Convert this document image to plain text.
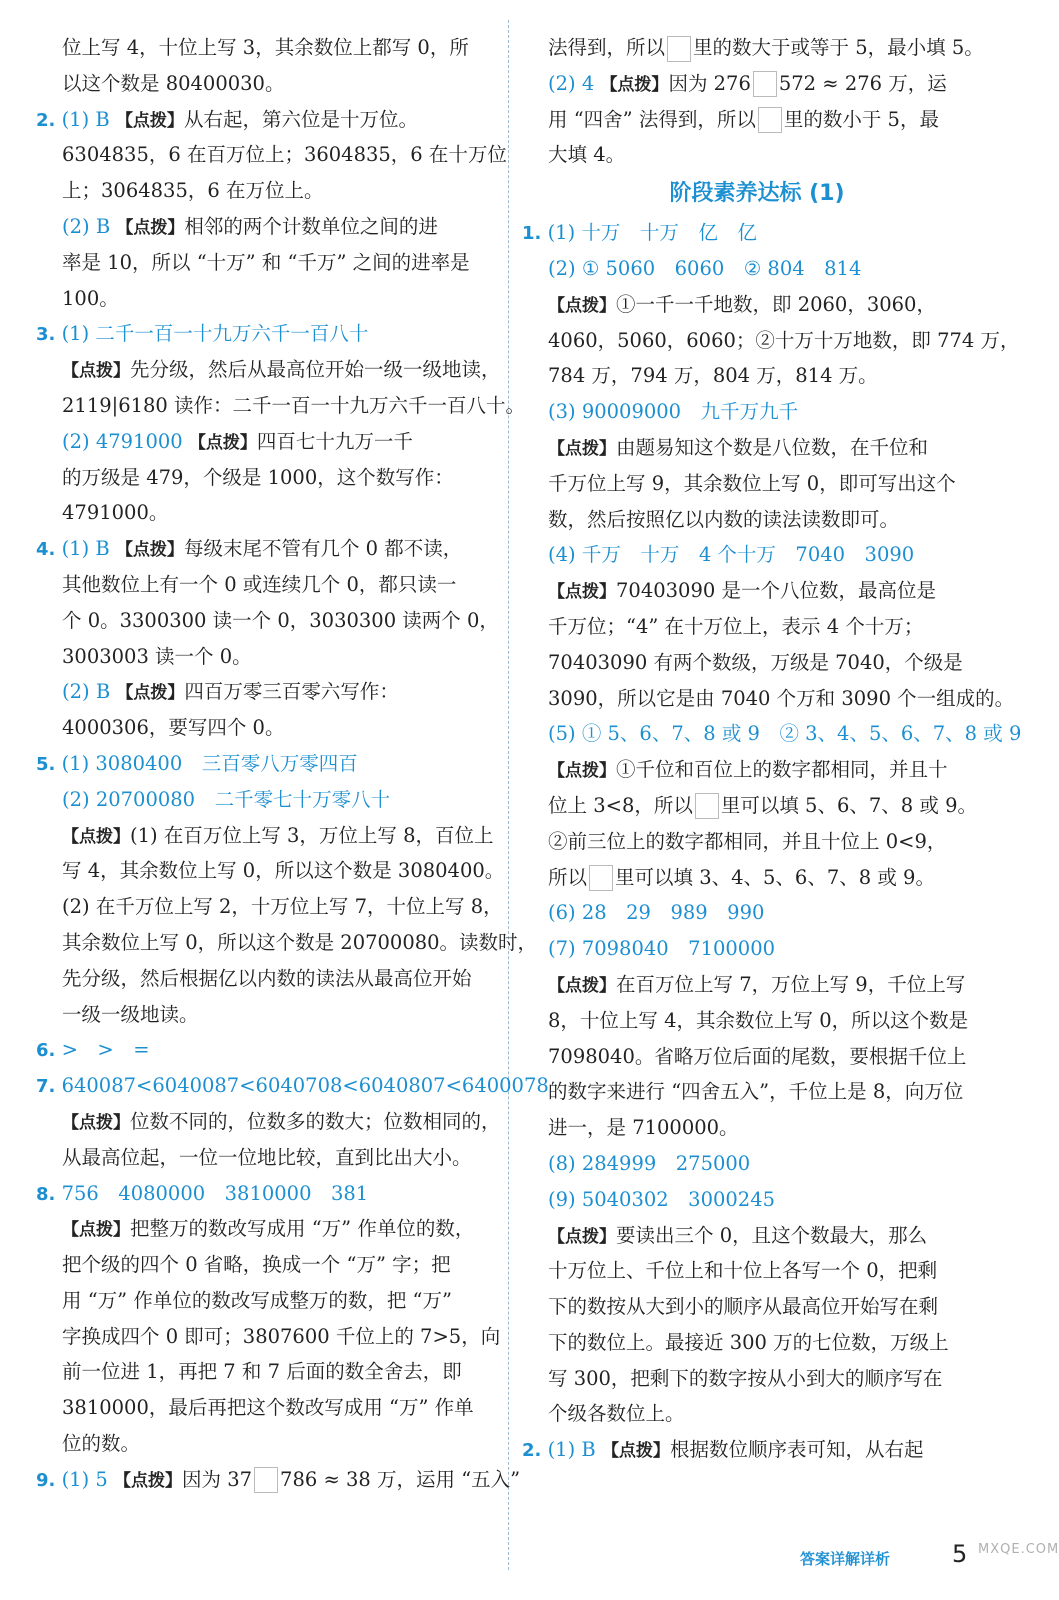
位上写 4，十位上写 3，其余数位上都写 0，所
以这个数是 80400030。
2. (1) B 【点拨】从右起，第六位是十万位。
6304835，6 在百万位上；3604835，6 在十万位
上；3064835，6 在万位上。
(2) B 【点拨】相邻的两个计数单位之间的进
率是 10，所以 “十万” 和 “千万” 之间的进率是
100。
3. (1) 二千一百一十九万六千一百八十
【点拨】先分级，然后从最高位开始一级一级地读，
2119|6180 读作：二千一百一十九万六千一百八十。
(2) 4791000 【点拨】四百七十九万一千
的万级是 479，个级是 1000，这个数写作：
4791000。
4. (1) B 【点拨】每级末尾不管有几个 0 都不读，
其他数位上有一个 0 或连续几个 0，都只读一
个 0。3300300 读一个 0，3030300 读两个 0，
3003003 读一个 0。
(2) B 【点拨】四百万零三百零六写作：
4000306，要写四个 0。
5. (1) 3080400　三百零八万零四百
(2) 20700080　二千零七十万零八十
【点拨】(1) 在百万位上写 3，万位上写 8，百位上
写 4，其余数位上写 0，所以这个数是 3080400。
(2) 在千万位上写 2，十万位上写 7，十位上写 8，
其余数位上写 0，所以这个数是 20700080。读数时，
先分级，然后根据亿以内数的读法从最高位开始
一级一级地读。
6. >　>　=
7. 640087<6040087<6040708<6040807<6400078
【点拨】位数不同的，位数多的数大；位数相同的，
从最高位起，一位一位地比较，直到比出大小。
8. 756　4080000　3810000　381
【点拨】把整万的数改写成用 “万” 作单位的数，
把个级的四个 0 省略，换成一个 “万” 字；把
用 “万” 作单位的数改写成整万的数，把 “万”
字换成四个 0 即可；3807600 千位上的 7>5，向
前一位进 1，再把 7 和 7 后面的数全舍去，即
3810000，最后再把这个数改写成用 “万” 作单
位的数。
9. (1) 5 【点拨】因为 37 786 ≈ 38 万，运用 “五入”
法得到，所以 里的数大于或等于 5，最小填 5。
(2) 4 【点拨】因为 276 572 ≈ 276 万，运
用 “四舍” 法得到，所以 里的数小于 5，最
大填 4。
阶段素养达标 (1)
1. (1) 十万　十万　亿　亿
(2) ① 5060　6060　② 804　814
【点拨】①一千一千地数，即 2060，3060，
4060，5060，6060；②十万十万地数，即 774 万，
784 万，794 万，804 万，814 万。
(3) 90009000　九千万九千
【点拨】由题易知这个数是八位数，在千位和
千万位上写 9，其余数位上写 0，即可写出这个
数，然后按照亿以内数的读法读数即可。
(4) 千万　十万　4 个十万　7040　3090
【点拨】70403090 是一个八位数，最高位是
千万位；“4” 在十万位上，表示 4 个十万；
70403090 有两个数级，万级是 7040，个级是
3090，所以它是由 7040 个万和 3090 个一组成的。
(5) ① 5、6、7、8 或 9　② 3、4、5、6、7、8 或 9
【点拨】①千位和百位上的数字都相同，并且十
位上 3<8，所以 里可以填 5、6、7、8 或 9。
②前三位上的数字都相同，并且十位上 0<9，
所以 里可以填 3、4、5、6、7、8 或 9。
(6) 28　29　989　990
(7) 7098040　7100000
【点拨】在百万位上写 7，万位上写 9，千位上写
8，十位上写 4，其余数位上写 0，所以这个数是
7098040。省略万位后面的尾数，要根据千位上
的数字来进行 “四舍五入”，千位上是 8，向万位
进一，是 7100000。
(8) 284999　275000
(9) 5040302　3000245
【点拨】要读出三个 0，且这个数最大，那么
十万位上、千位上和十位上各写一个 0，把剩
下的数按从大到小的顺序从最高位开始写在剩
下的数位上。最接近 300 万的七位数，万级上
写 300，把剩下的数字按从小到大的顺序写在
个级各数位上。
2. (1) B 【点拨】根据数位顺序表可知，从右起
答案详解详析	5 MXQE.COM
